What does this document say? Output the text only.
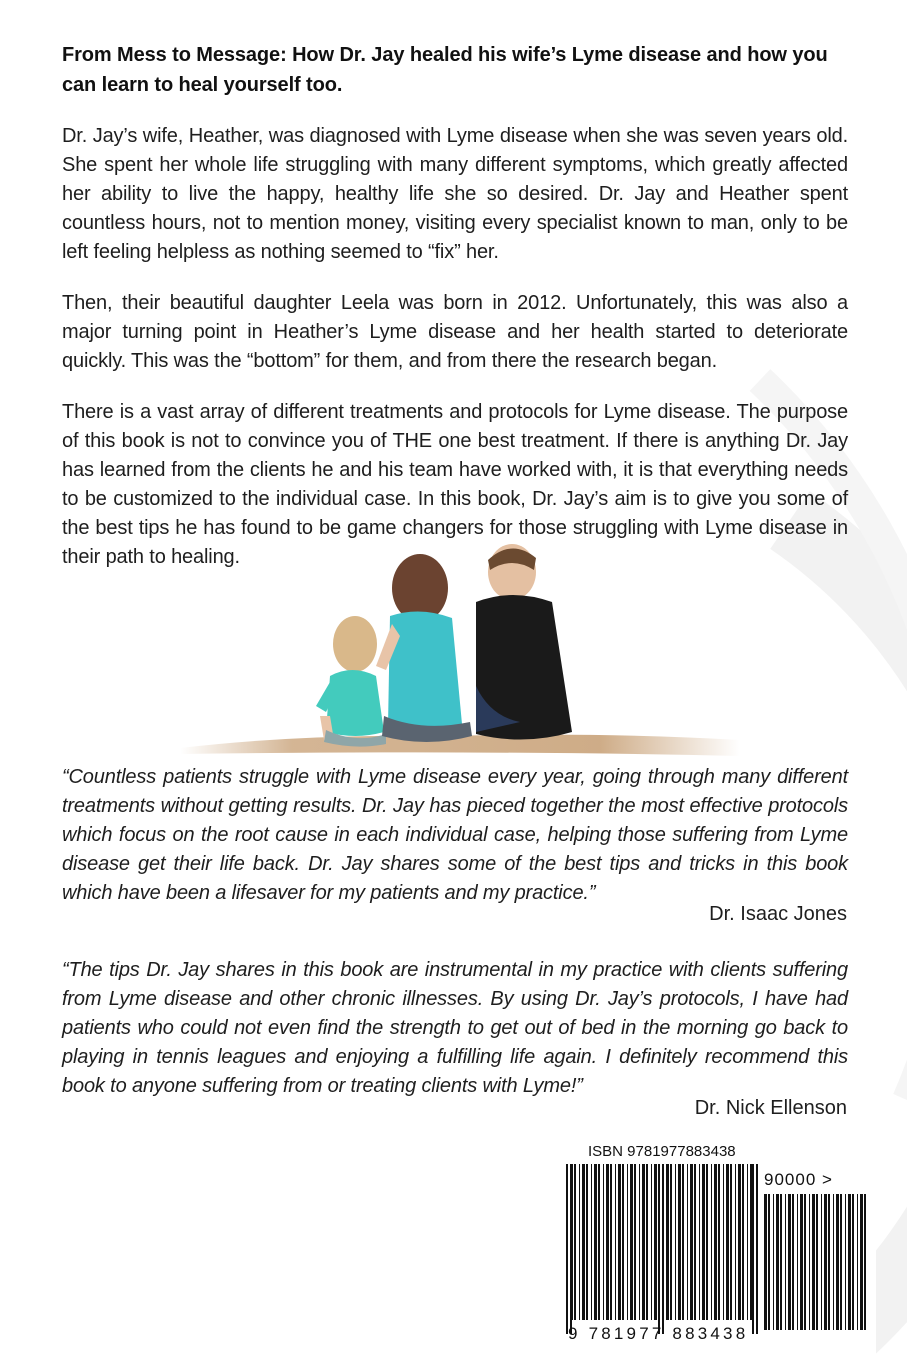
From Mess to Message: How Dr. Jay healed his wife’s Lyme disease and how you can learn to heal yourself too.

Dr. Jay’s wife, Heather, was diagnosed with Lyme disease when she was seven years old. She spent her whole life struggling with many different symptoms, which greatly affected her ability to live the happy, healthy life she so desired. Dr. Jay and Heather spent countless hours, not to mention money, visiting every specialist known to man, only to be left feeling helpless as nothing seemed to “fix” her.

Then, their beautiful daughter Leela was born in 2012. Unfortunately, this was also a major turning point in Heather’s Lyme disease and her health started to deteriorate quickly. This was the “bottom” for them, and from there the research began.

There is a vast array of different treatments and protocols for Lyme disease. The purpose of this book is not to convince you of THE one best treatment. If there is anything Dr. Jay has learned from the clients he and his team have worked with, it is that everything needs to be customized to the individual case. In this book, Dr. Jay’s aim is to give you some of the best tips he has found to be game changers for those struggling with Lyme disease in their path to healing.

“Countless patients struggle with Lyme disease every year, going through many different treatments without getting results. Dr. Jay has pieced together the most effective protocols which focus on the root cause in each individual case, helping those suffering from Lyme disease get their life back. Dr. Jay shares some of the best tips and tricks in this book which have been a lifesaver for my patients and my practice.”

Dr. Isaac Jones

“The tips Dr. Jay shares in this book are instrumental in my practice with clients suffering from Lyme disease and other chronic illnesses. By using Dr. Jay’s protocols, I have had patients who could not even find the strength to get out of bed in the morning go back to playing in tennis leagues and enjoying a fulfilling life again. I definitely recommend this book to anyone suffering from or treating clients with Lyme!”

Dr. Nick Ellenson

ISBN 9781977883438

90000 >

9 781977 883438
